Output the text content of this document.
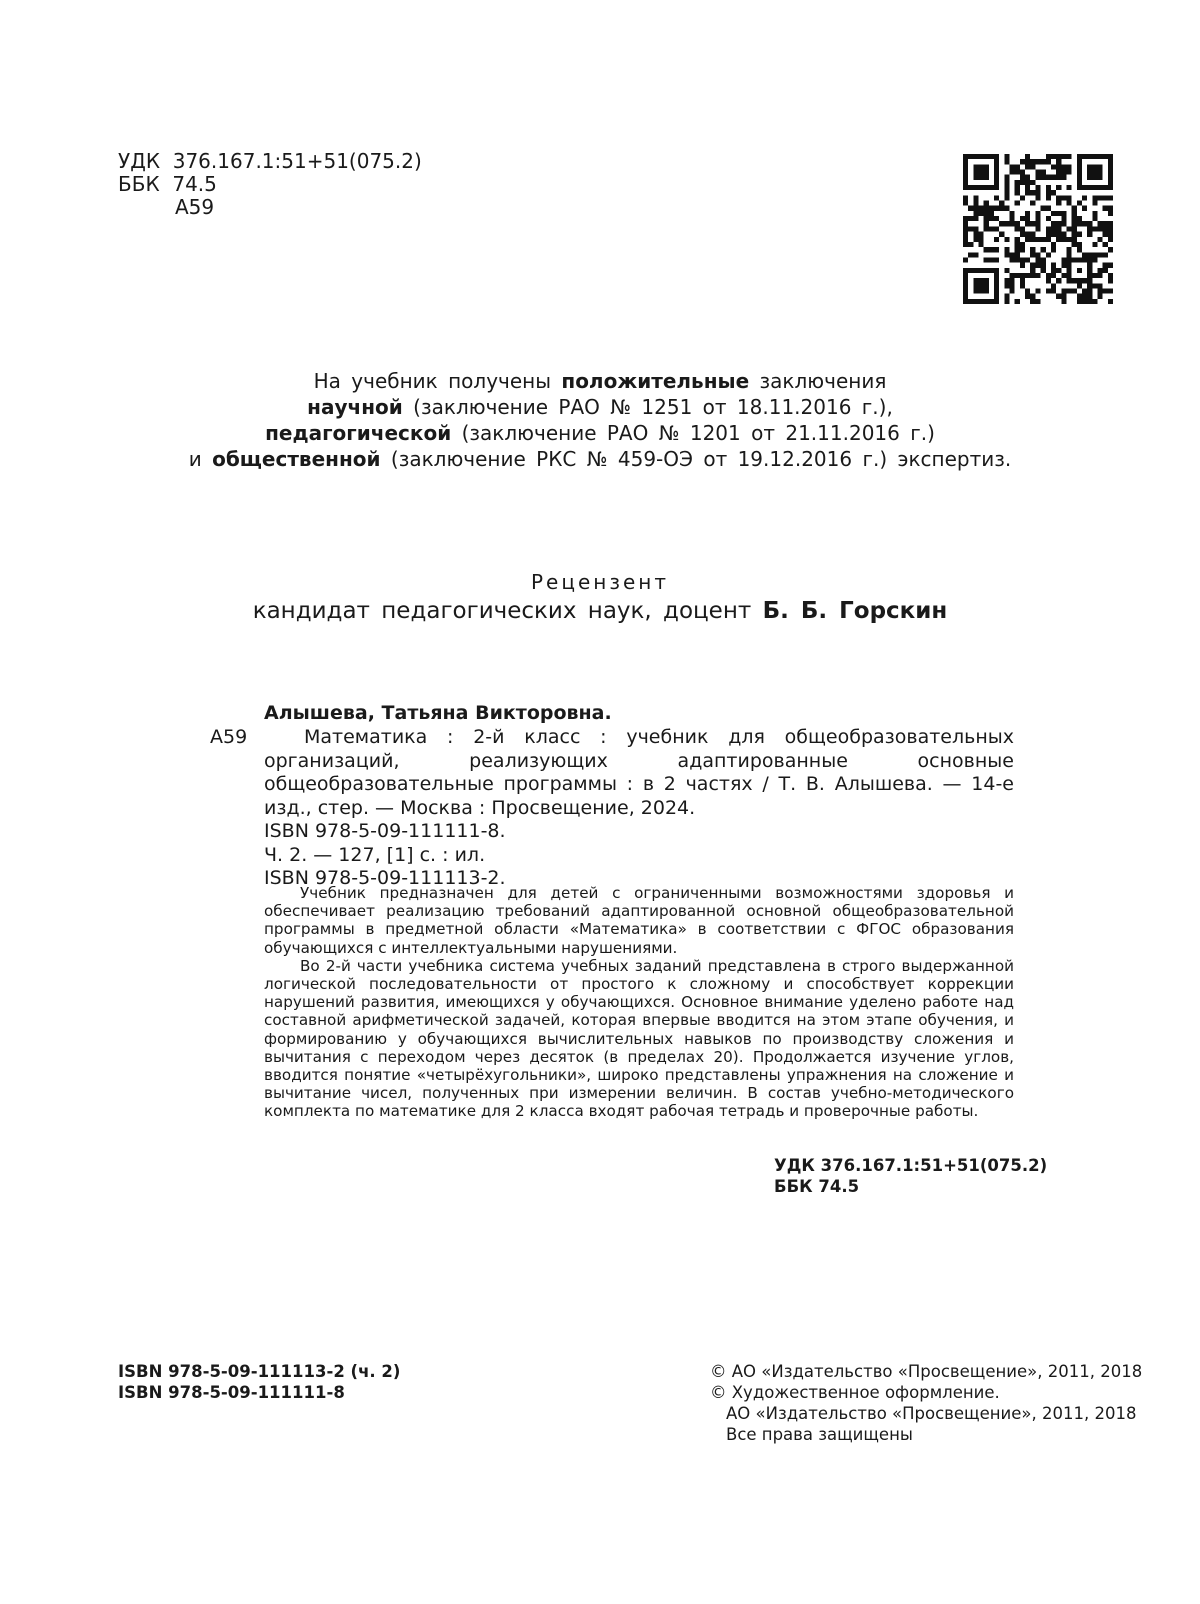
УДК 376.167.1:51+51(075.2)
ББК 74.5
А59
На учебник получены положительные заключения
научной (заключение РАО № 1251 от 18.11.2016 г.),
педагогической (заключение РАО № 1201 от 21.11.2016 г.)
и общественной (заключение РКС № 459-ОЭ от 19.12.2016 г.) экспертиз.
Рецензент
кандидат педагогических наук, доцент Б. Б. Горскин
Алышева, Татьяна Викторовна.
А59	Математика : 2-й класс : учебник для общеобразовательных организаций, реализующих адаптированные основные общеобразовательные программы : в 2 частях / Т. В. Алышева. — 14-е изд., стер. — Москва : Просвещение, 2024.
ISBN 978-5-09-111111-8.
Ч. 2. — 127, [1] с. : ил.
ISBN 978-5-09-111113-2.

Учебник предназначен для детей с ограниченными возможностями здоровья и обеспечивает реализацию требований адаптированной основной общеобразовательной программы в предметной области «Математика» в соответствии с ФГОС образования обучающихся с интеллектуальными нарушениями.

Во 2-й части учебника система учебных заданий представлена в строго выдержанной логической последовательности от простого к сложному и способствует коррекции нарушений развития, имеющихся у обучающихся. Основное внимание уделено работе над составной арифметической задачей, которая впервые вводится на этом этапе обучения, и формированию у обучающихся вычислительных навыков по производству сложения и вычитания с переходом через десяток (в пределах 20). Продолжается изучение углов, вводится понятие «четырёхугольники», широко представлены упражнения на сложение и вычитание чисел, полученных при измерении величин. В состав учебно-методического комплекта по математике для 2 класса входят рабочая тетрадь и проверочные работы.

УДК 376.167.1:51+51(075.2)
ББК 74.5
ISBN 978-5-09-111113-2 (ч. 2)
ISBN 978-5-09-111111-8
© АО «Издательство «Просвещение», 2011, 2018
© Художественное оформление.
АО «Издательство «Просвещение», 2011, 2018
Все права защищены
